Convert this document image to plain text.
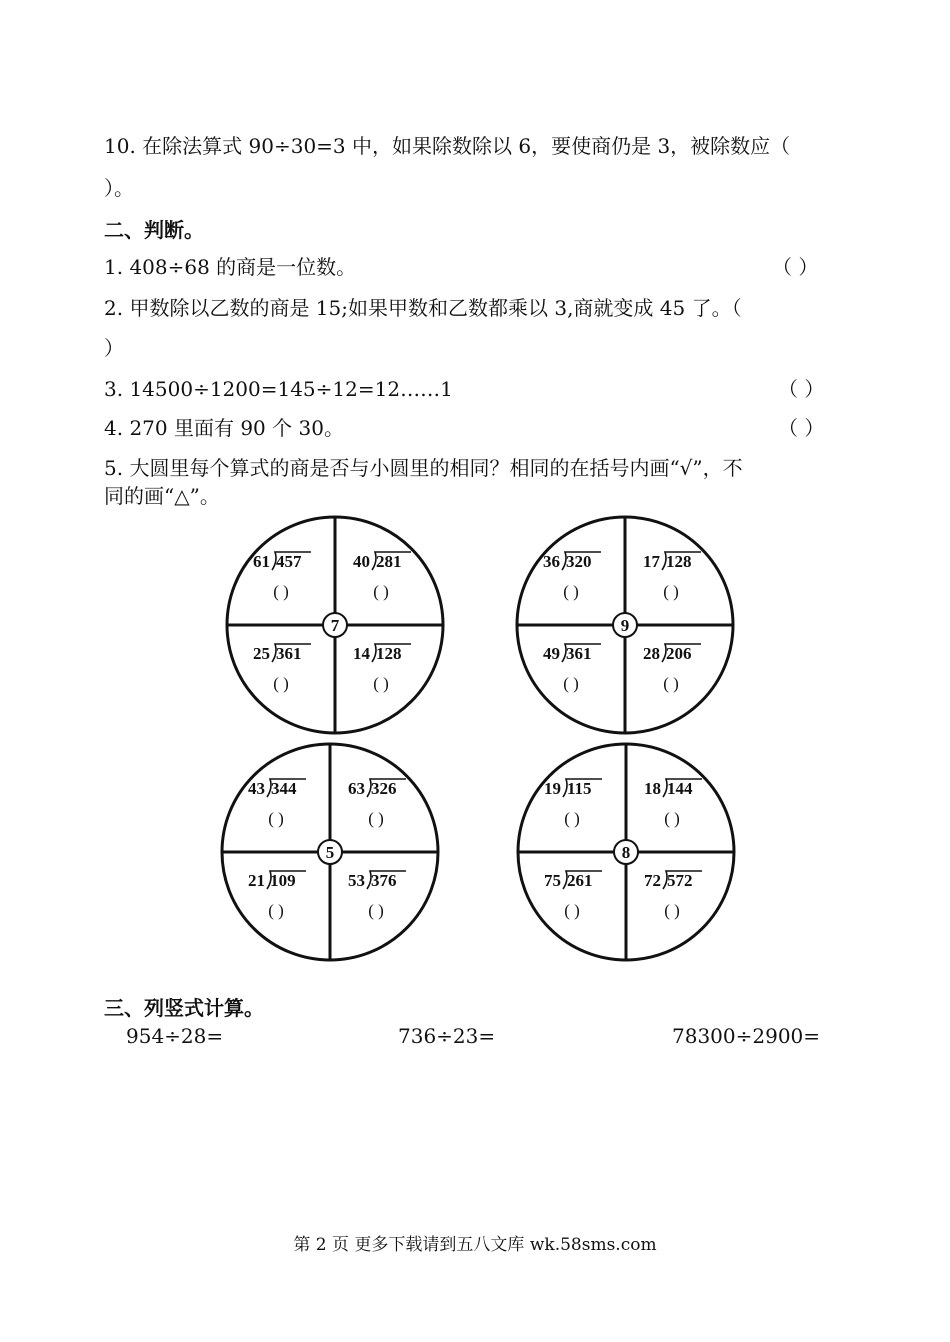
10. 在除法算式 90÷30=3 中，如果除数除以 6，要使商仍是 3，被除数应（
）。
二、判断。
1. 408÷68 的商是一位数。	（ ）
2. 甲数除以乙数的商是 15;如果甲数和乙数都乘以 3,商就变成 45 了。（
）
3. 14500÷1200=145÷12=12……1	（ ）
4. 270 里面有 90 个 30。	（ ）
5. 大圆里每个算式的商是否与小圆里的相同？相同的在括号内画“√”，不
同的画“△”。
7
61 457
( )
40 281
( )
25 361
( )
14 128
( )
9
36 320
( )
17 128
( )
49 361
( )
28 206
( )
5
43 344
( )
63 326
( )
21 109
( )
53 376
( )
8
19 115
( )
18 144
( )
75 261
( )
72 572
( )
三、列竖式计算。
954÷28=	736÷23=	78300÷2900=
第 2 页 更多下载请到五八文库 wk.58sms.com
